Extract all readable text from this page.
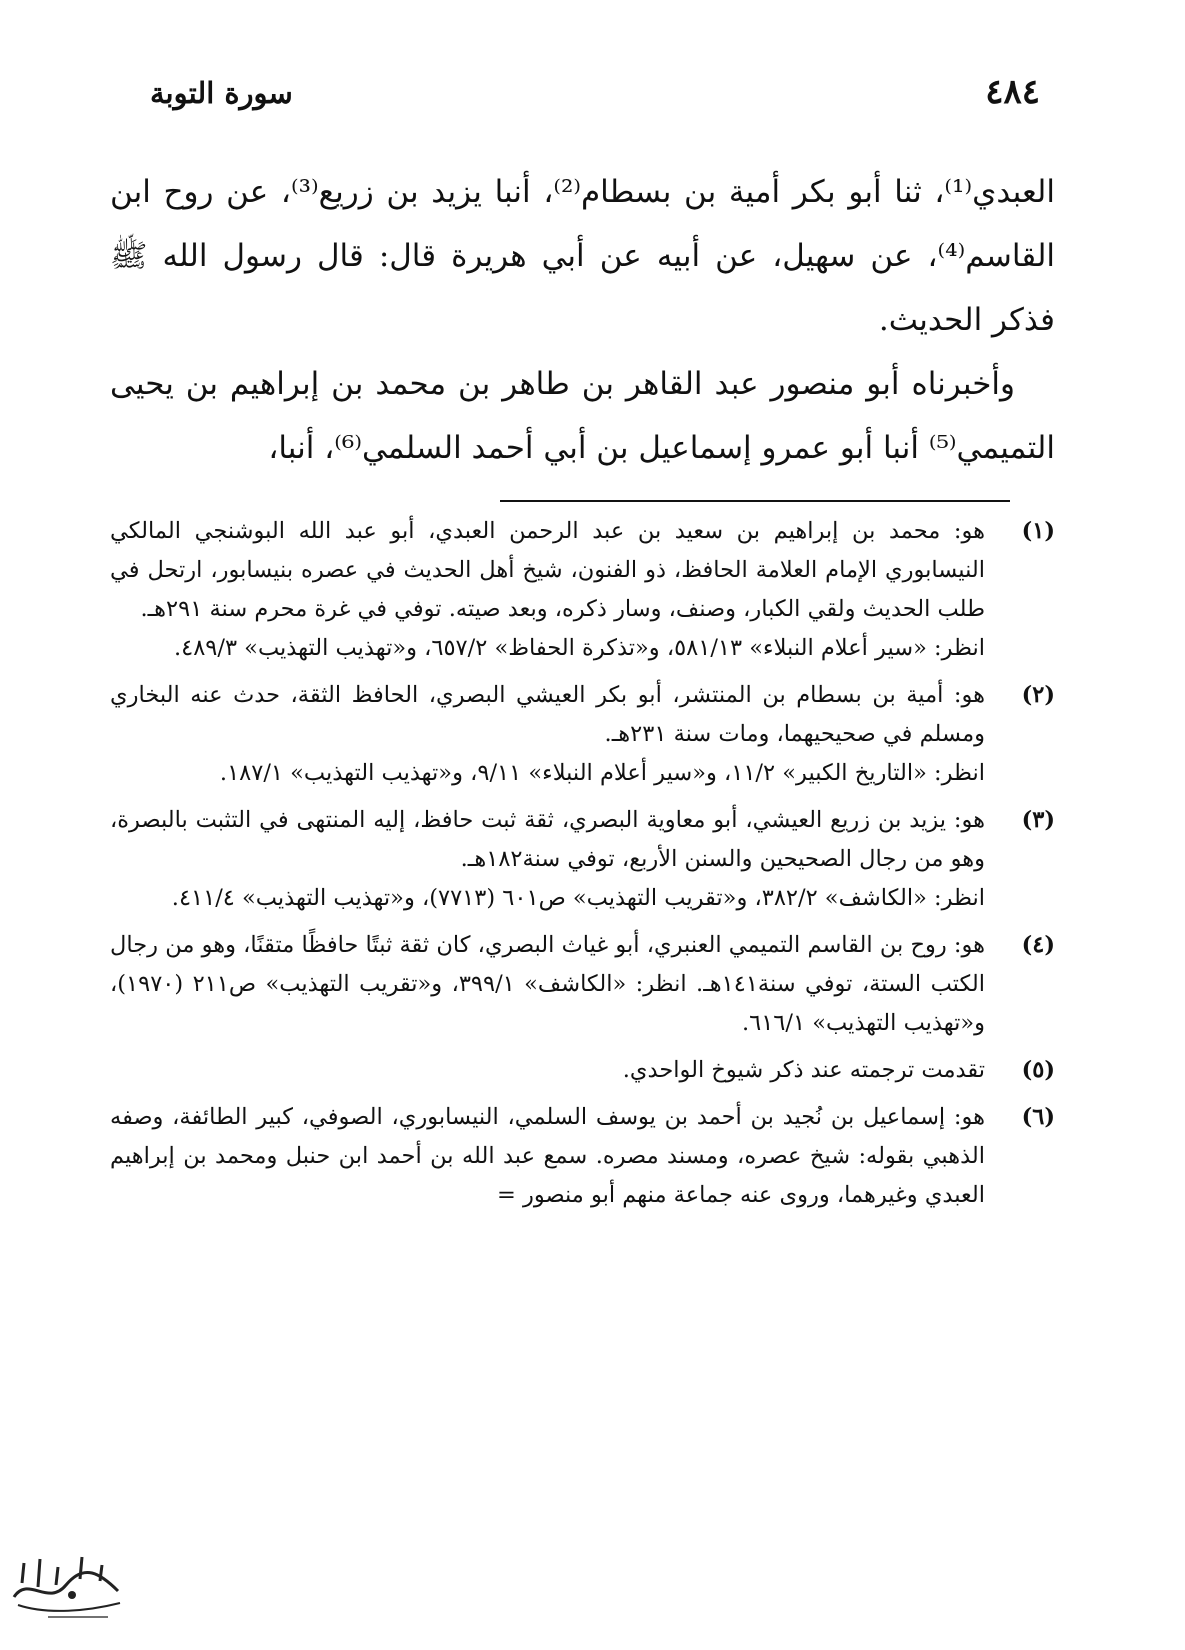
٤٨٤
سورة التوبة

العبدي⁽¹⁾، ثنا أبو بكر أمية بن بسطام⁽²⁾، أنبا يزيد بن زريع⁽³⁾، عن روح ابن القاسم⁽⁴⁾، عن سهيل، عن أبيه عن أبي هريرة قال: قال رسول الله ﷺ فذكر الحديث.

وأخبرناه أبو منصور عبد القاهر بن طاهر بن محمد بن إبراهيم بن يحيى التميمي⁽⁵⁾ أنبا أبو عمرو إسماعيل بن أبي أحمد السلمي⁽⁶⁾، أنبا،

(١)
هو: محمد بن إبراهيم بن سعيد بن عبد الرحمن العبدي، أبو عبد الله البوشنجي المالكي النيسابوري الإمام العلامة الحافظ، ذو الفنون، شيخ أهل الحديث في عصره بنيسابور، ارتحل في طلب الحديث ولقي الكبار، وصنف، وسار ذكره، وبعد صيته. توفي في غرة محرم سنة ٢٩١هـ.
انظر: «سير أعلام النبلاء» ٥٨١/١٣، و«تذكرة الحفاظ» ٦٥٧/٢، و«تهذيب التهذيب» ٤٨٩/٣.
(٢)
هو: أمية بن بسطام بن المنتشر، أبو بكر العيشي البصري، الحافظ الثقة، حدث عنه البخاري ومسلم في صحيحيهما، ومات سنة ٢٣١هـ.
انظر: «التاريخ الكبير» ١١/٢، و«سير أعلام النبلاء» ٩/١١، و«تهذيب التهذيب» ١٨٧/١.
(٣)
هو: يزيد بن زريع العيشي، أبو معاوية البصري، ثقة ثبت حافظ، إليه المنتهى في التثبت بالبصرة، وهو من رجال الصحيحين والسنن الأربع، توفي سنة١٨٢هـ.
انظر: «الكاشف» ٣٨٢/٢، و«تقريب التهذيب» ص٦٠١ (٧٧١٣)، و«تهذيب التهذيب» ٤١١/٤.
(٤)
هو: روح بن القاسم التميمي العنبري، أبو غياث البصري، كان ثقة ثبتًا حافظًا متقنًا، وهو من رجال الكتب الستة، توفي سنة١٤١هـ. انظر: «الكاشف» ٣٩٩/١، و«تقريب التهذيب» ص٢١١ (١٩٧٠)، و«تهذيب التهذيب» ٦١٦/١.
(٥)
تقدمت ترجمته عند ذكر شيوخ الواحدي.
(٦)
هو: إسماعيل بن نُجيد بن أحمد بن يوسف السلمي، النيسابوري، الصوفي، كبير الطائفة، وصفه الذهبي بقوله: شيخ عصره، ومسند مصره. سمع عبد الله بن أحمد ابن حنبل ومحمد بن إبراهيم العبدي وغيرهما، وروى عنه جماعة منهم أبو منصور =
